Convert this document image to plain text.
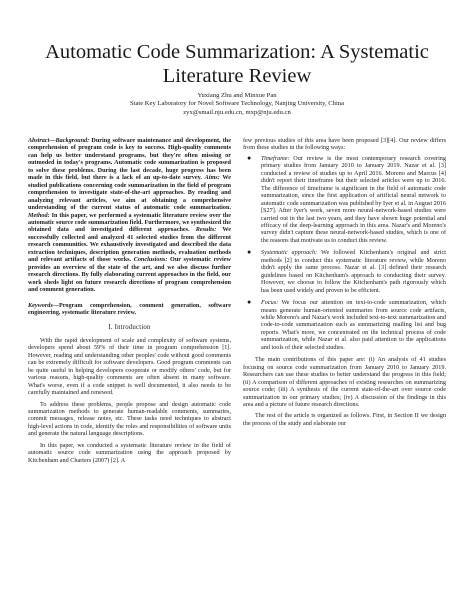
Automatic Code Summarization: A Systematic Literature Review
Yuxiang Zhu and Minxue Pan
State Key Laboratory for Novel Software Technology, Nanjing University, China
zyx@smail.nju.edu.cn, mxp@nju.edu.cn

Abstract—Background: During software maintenance and development, the comprehension of program code is key to success. High-quality comments can help us better understand programs, but they're often missing or outmoded in today's programs. Automatic code summarization is proposed to solve these problems. During the last decade, huge progress has been made in this field, but there is a lack of an up-to-date survey. Aims: We studied publications concerning code summarization in the field of program comprehension to investigate state-of-the-art approaches. By reading and analyzing relevant articles, we aim at obtaining a comprehensive understanding of the current status of automatic code summarization. Method: In this paper, we performed a systematic literature review over the automatic source code summarization field. Furthermore, we synthesized the obtained data and investigated different approaches. Results: We successfully collected and analyzed 41 selected studies from the different research communities. We exhaustively investigated and described the data extraction techniques, description generation methods, evaluation methods and relevant artifacts of those works. Conclusions: Our systematic review provides an overview of the state of the art, and we also discuss further research directions. By fully elaborating current approaches in the field, our work sheds light on future research directions of program comprehension and comment generation.

Keywords—Program comprehension, comment generation, software engineering, systematic literature review.

I. Introduction

With the rapid development of scale and complexity of software systems, developers spend about 59% of their time in program comprehension [1]. However, reading and understanding other peoples' code without good comments can be extremely difficult for software developers. Good program comments can be quite useful in helping developers cooperate or modify others' code, but for various reasons, high-quality comments are often absent in many software. What's worse, even if a code snippet is well documented, it also needs to be carefully maintained and renewed.

To address these problems, people propose and design automatic code summarization methods to generate human-readable comments, summaries, commit messages, release notes, etc. These tasks need techniques to abstract high-level actions in code, identify the roles and responsibilities of software units and generate the natural language descriptions.

In this paper, we conducted a systematic literature review in the field of automatic source code summarization using the approach proposed by Kitchenham and Charters (2007) [2]. A

few previous studies of this area have been proposed [3][4]. Our review differs from these studies in the following ways:

● Timeframe: Our review is the most contemporary research covering primary studies from January 2010 to January 2019. Nazar et al. [3] conducted a review of studies up to April 2016. Moreno and Marcus [4] didn't report their timeframe but their selected articles were up to 2016. The difference of timeframe is significant in the field of automatic code summarization, since the first application of artificial neural network to automatic code summarization was published by Iyer et al. in August 2016 [S27]. After Iyer's work, seven more neural-network-based studies were carried out in the last two years, and they have shown huge potential and efficacy of the deep-learning approach in this area. Nazar's and Moreno's survey didn't capture these neural-network-based studies, which is one of the reasons that motivate us to conduct this review.
● Systematic approach: We followed Kitchenham's original and strict methods [2] to conduct this systematic literature review, while Moreno didn't apply the same process. Nazar et al. [3] defined their research guidelines based on Kitchenham's approach to conducting their survey. However, we choose to follow the Kitchenham's path rigorously which has been used widely and proven to be efficient.
● Focus: We focus our attention on text-to-code summarization, which means generate human-oriented summaries from source code artifacts, while Moreno's and Nazar's work included text-to-text summarization and code-to-code summarization such as summarizing mailing list and bug reports. What's more, we concentrated on the technical process of code summarization, while Nazar et al. also paid attention to the applications and tools of their selected studies.

The main contributions of this paper are: (i) An analysis of 41 studies focusing on source code summarization from January 2010 to January 2019. Researchers can use these studies to better understand the progress in this field; (ii) A comparison of different approaches of existing researches on summarizing source code; (iii) A synthesis of the current state-of-the-art over source code summarization in our primary studies; (iv) A discussion of the findings in this area and a picture of future research directions.

The rest of the article is organized as follows. First, in Section II we design the process of the study and elaborate our
